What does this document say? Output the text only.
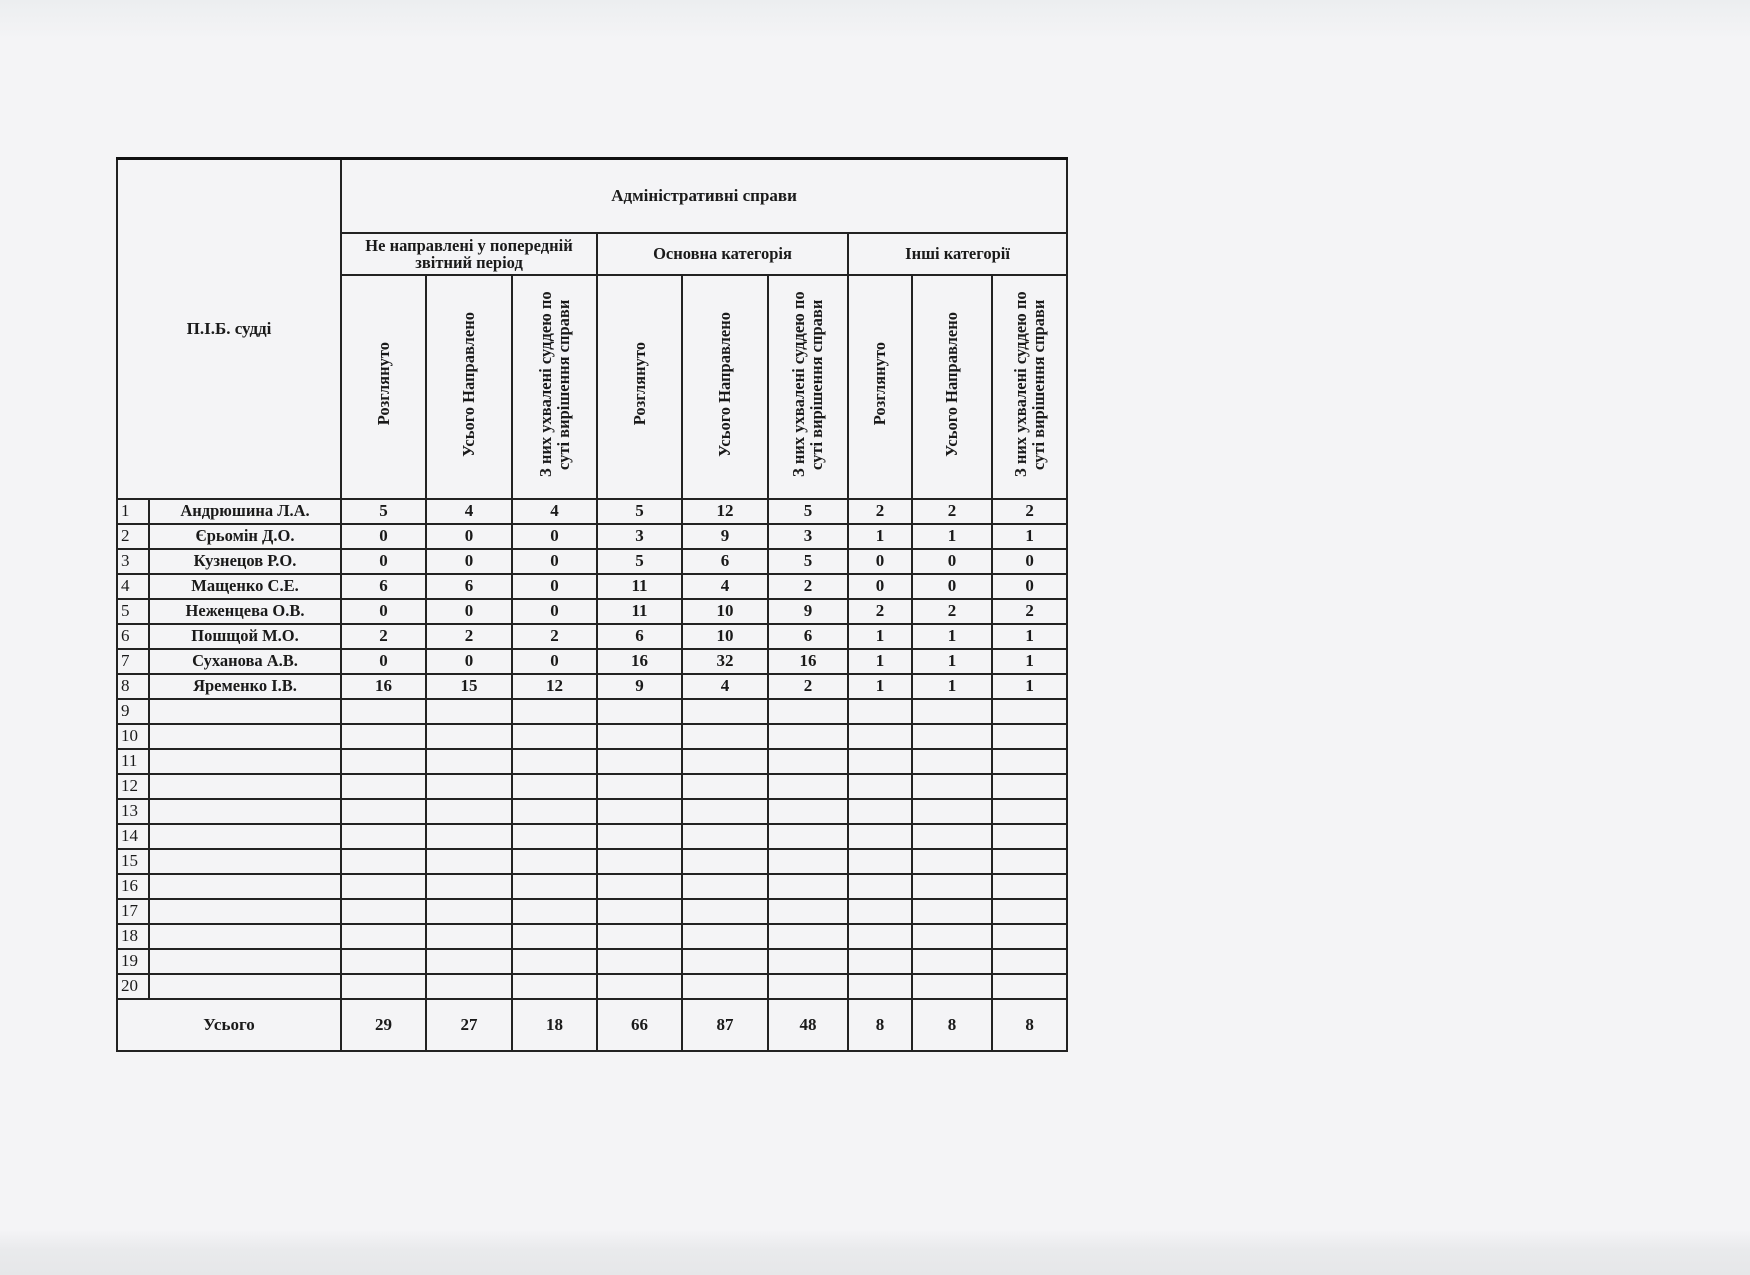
П.І.Б. судді		Адміністративні справи								
		Не направлені у попередній звітний період			Основна категорія			Інші категорії		
		Розглянуто	Усього Направлено	З них ухвалені суддею по суті вирішення справи	Розглянуто	Усього Направлено	З них ухвалені суддею по суті вирішення справи	Розглянуто	Усього Направлено	З них ухвалені суддею по суті вирішення справи
1	Андрюшина Л.А.	5	4	4	5	12	5	2	2	2
2	Єрьомін Д.О.	0	0	0	3	9	3	1	1	1
3	Кузнецов Р.О.	0	0	0	5	6	5	0	0	0
4	Мащенко С.Е.	6	6	0	11	4	2	0	0	0
5	Неженцева О.В.	0	0	0	11	10	9	2	2	2
6	Пошщой М.О.	2	2	2	6	10	6	1	1	1
7	Суханова А.В.	0	0	0	16	32	16	1	1	1
8	Яременко І.В.	16	15	12	9	4	2	1	1	1
9										
10										
11										
12										
13										
14										
15										
16										
17										
18										
19										
20										
Усього		29	27	18	66	87	48	8	8	8
